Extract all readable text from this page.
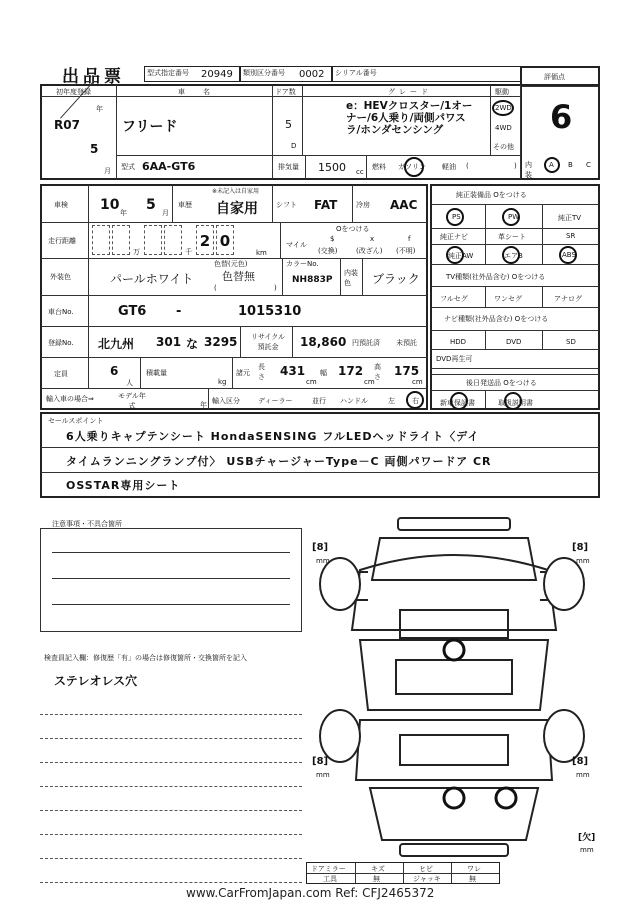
出品票	型式指定番号 20949 類別区分番号 0002 シリアル番号	評価点
6
初年度登録
R07
年
5
月
車名
フリード
ドア数
5
D
グレード
e：HEVクロスター/1オー
ナー/6人乗り/両側パワス
ラ/ホンダセンシング
駆動
2WD
4WD
その他
型式 6AA-GT6	排気量 1500 cc
燃料 ガソリン 軽油 (	) 内装
A B C
車検 10 年 5 月
車歴
※未記入は自家用
自家用	シフト FAT	冷房 AAC
走行距離	2 0
万	千	km
マイル
Oをつける
$
(交換)
x
(改ざん)
f
(不明)
外装色	パールホワイト
色替(元色)
色替無
(	)
カラーNo.
NH883P
内装色	ブラック
車台No.	GT6 -	1015310
登録No. 北九州 301 な 3295	リサイクル預託金	18,860 円預託済 未預託
定員	6
人
積載量
kg
諸元
長さ 431
cm
幅 172
cm
高さ 175
cm
輸入車の場合⇒	モデル年式	年 輸入区分	ディーラー	並行 ハンドル	左 右
純正装備品 Oをつける
PS	PW	純正TV
純正ナビ	革シート	SR
純正AW	エアB	ABS
TV種類(社外品含む) Oをつける
フルセグ	ワンセグ	アナログ
ナビ種類(社外品含む) Oをつける
HDD	DVD	SD
DVD再生可
後日発送品 Oをつける
新車保証書	取扱説明書
セールスポイント
6人乗りキャプテンシート HondaSENSING フルLEDヘッドライト〈デイ
タイムランニングランプ付〉 USBチャージャーType－C 両側パワードア CR
OSSTAR専用シート
注意事項・不具合箇所
検査員記入欄：修復歴「有」の場合は修復箇所・交換箇所を記入
ステレオレス穴
[8]
mm
[8]
mm
[8]
mm
[8]
mm
[欠]
mm
ドアミラー	キズ	ヒビ	ワレ
工具	無	ジャッキ	無
www.CarFromJapan.com Ref: CFJ2465372
